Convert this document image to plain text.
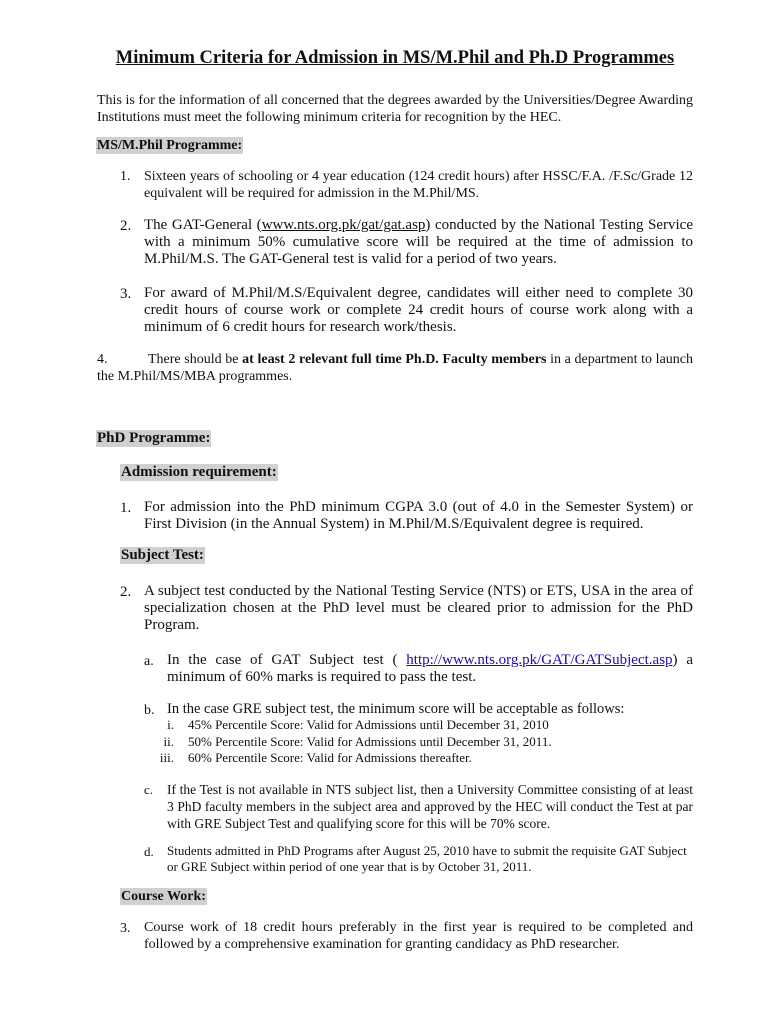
Minimum Criteria for Admission in MS/M.Phil and Ph.D Programmes
This is for the information of all concerned that the degrees awarded by the Universities/Degree Awarding Institutions must meet the following minimum criteria for recognition by the HEC.
MS/M.Phil Programme:
1. Sixteen years of schooling or 4 year education (124 credit hours) after HSSC/F.A. /F.Sc/Grade 12 equivalent will be required for admission in the M.Phil/MS.
2. The GAT-General (www.nts.org.pk/gat/gat.asp) conducted by the National Testing Service with a minimum 50% cumulative score will be required at the time of admission to M.Phil/M.S. The GAT-General test is valid for a period of two years.
3. For award of M.Phil/M.S/Equivalent degree, candidates will either need to complete 30 credit hours of course work or complete 24 credit hours of course work along with a minimum of 6 credit hours for research work/thesis.
4.	There should be at least 2 relevant full time Ph.D. Faculty members in a department to launch the M.Phil/MS/MBA programmes.
PhD Programme:
Admission requirement:
1. For admission into the PhD minimum CGPA 3.0 (out of 4.0 in the Semester System) or First Division (in the Annual System) in M.Phil/M.S/Equivalent degree is required.
Subject Test:
2. A subject test conducted by the National Testing Service (NTS) or ETS, USA in the area of specialization chosen at the PhD level must be cleared prior to admission for the PhD Program.
a. In the case of GAT Subject test ( http://www.nts.org.pk/GAT/GATSubject.asp) a minimum of 60% marks is required to pass the test.
b. In the case GRE subject test, the minimum score will be acceptable as follows:
i. 45% Percentile Score: Valid for Admissions until December 31, 2010
ii. 50% Percentile Score: Valid for Admissions until December 31, 2011.
iii. 60% Percentile Score: Valid for Admissions thereafter.
c. If the Test is not available in NTS subject list, then a University Committee consisting of at least 3 PhD faculty members in the subject area and approved by the HEC will conduct the Test at par with GRE Subject Test and qualifying score for this will be 70% score.
d. Students admitted in PhD Programs after August 25, 2010 have to submit the requisite GAT Subject or GRE Subject within period of one year that is by October 31, 2011.
Course Work:
3. Course work of 18 credit hours preferably in the first year is required to be completed and followed by a comprehensive examination for granting candidacy as PhD researcher.
